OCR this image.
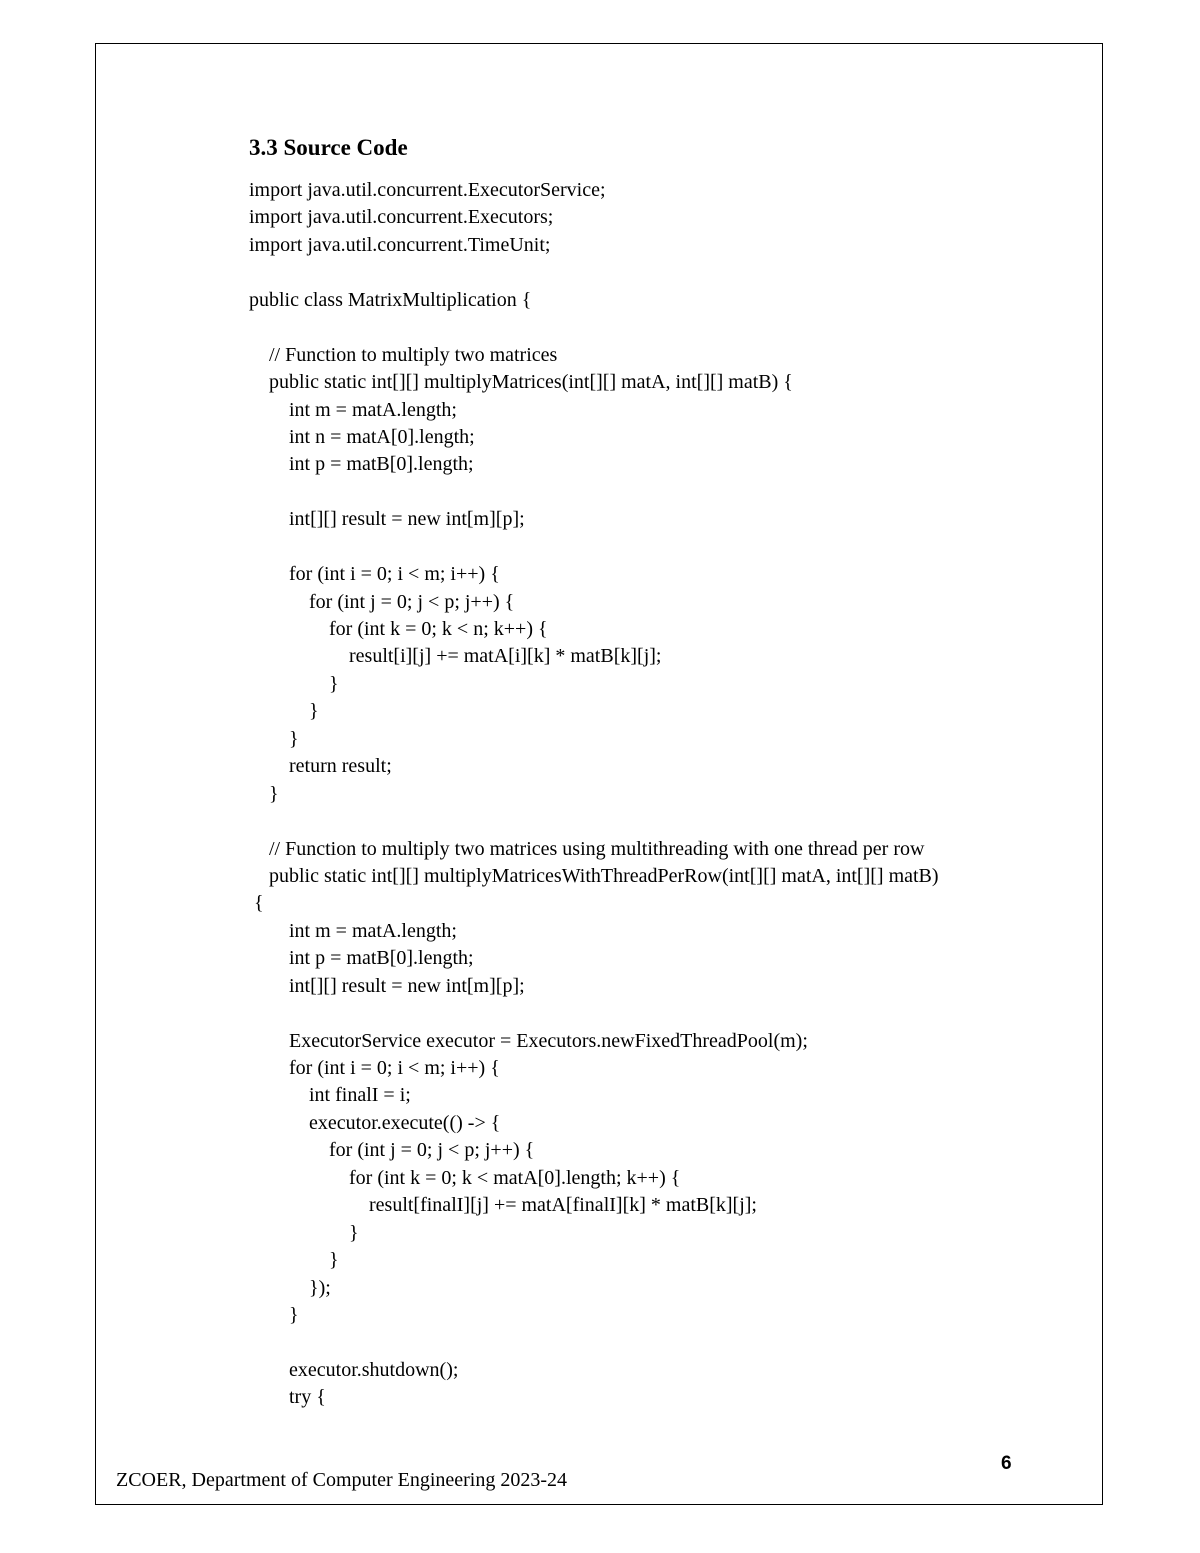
3.3 Source Code
import java.util.concurrent.ExecutorService;
import java.util.concurrent.Executors;
import java.util.concurrent.TimeUnit;
public class MatrixMultiplication {
// Function to multiply two matrices
public static int[][] multiplyMatrices(int[][] matA, int[][] matB) {
int m = matA.length;
int n = matA[0].length;
int p = matB[0].length;
int[][] result = new int[m][p];
for (int i = 0; i < m; i++) {
for (int j = 0; j < p; j++) {
for (int k = 0; k < n; k++) {
result[i][j] += matA[i][k] * matB[k][j];
}
}
}
return result;
}
// Function to multiply two matrices using multithreading with one thread per row
public static int[][] multiplyMatricesWithThreadPerRow(int[][] matA, int[][] matB)
{
int m = matA.length;
int p = matB[0].length;
int[][] result = new int[m][p];
ExecutorService executor = Executors.newFixedThreadPool(m);
for (int i = 0; i < m; i++) {
int finalI = i;
executor.execute(() -> {
for (int j = 0; j < p; j++) {
for (int k = 0; k < matA[0].length; k++) {
result[finalI][j] += matA[finalI][k] * matB[k][j];
}
}
});
}
executor.shutdown();
try {
6
ZCOER, Department of Computer Engineering 2023-24
